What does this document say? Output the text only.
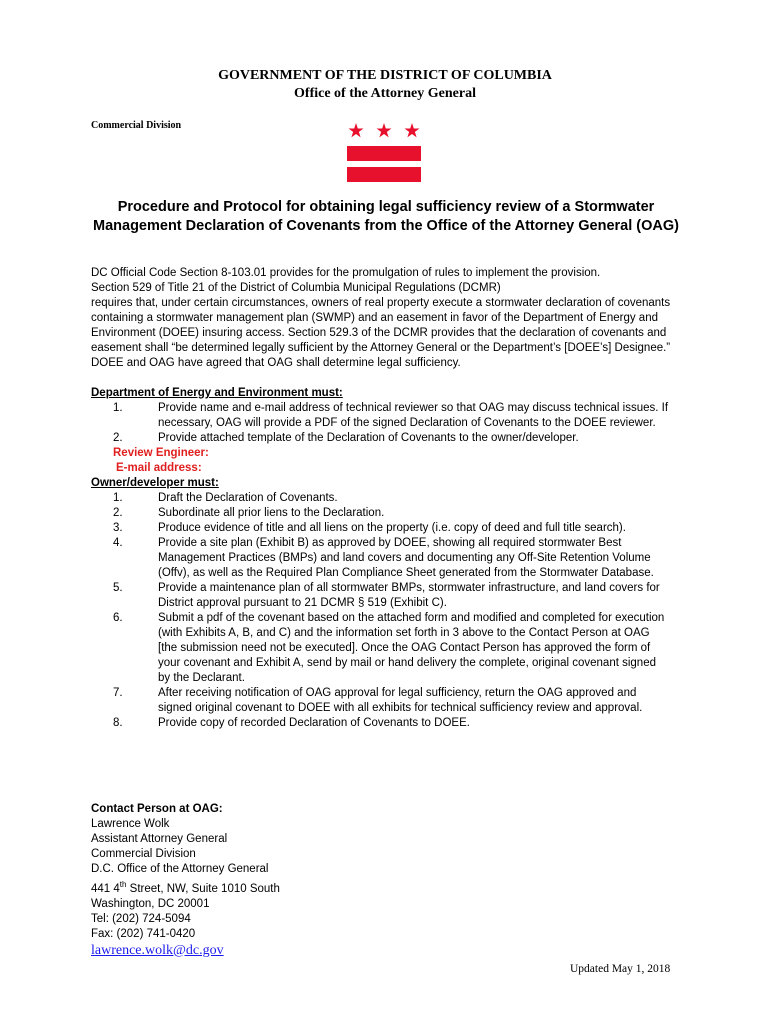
GOVERNMENT OF THE DISTRICT OF COLUMBIA
Office of the Attorney General
Commercial Division
Procedure and Protocol for obtaining legal sufficiency review of a Stormwater Management Declaration of Covenants from the Office of the Attorney General (OAG)

DC Official Code Section 8-103.01 provides for the promulgation of rules to implement the provision.

Section 529 of Title 21 of the District of Columbia Municipal Regulations (DCMR)

requires that, under certain circumstances, owners of real property execute a stormwater declaration of covenants containing a stormwater management plan (SWMP) and an easement in favor of the Department of Energy and Environment (DOEE) insuring access. Section 529.3 of the DCMR provides that the declaration of covenants and easement shall “be determined legally sufficient by the Attorney General or the Department’s [DOEE’s] Designee.”

DOEE and OAG have agreed that OAG shall determine legal sufficiency.

Department of Energy and Environment must:
1.	Provide name and e-mail address of technical reviewer so that OAG may discuss technical issues. If necessary, OAG will provide a PDF of the signed Declaration of Covenants to the DOEE reviewer.
2.	Provide attached template of the Declaration of Covenants to the owner/developer.
Review Engineer:
E-mail address:
Owner/developer must:
1.	Draft the Declaration of Covenants.
2.	Subordinate all prior liens to the Declaration.
3.	Produce evidence of title and all liens on the property (i.e. copy of deed and full title search).
4.	Provide a site plan (Exhibit B) as approved by DOEE, showing all required stormwater Best Management Practices (BMPs) and land covers and documenting any Off-Site Retention Volume (Offv), as well as the Required Plan Compliance Sheet generated from the Stormwater Database.
5.	Provide a maintenance plan of all stormwater BMPs, stormwater infrastructure, and land covers for District approval pursuant to 21 DCMR § 519 (Exhibit C).
6.	Submit a pdf of the covenant based on the attached form and modified and completed for execution (with Exhibits A, B, and C) and the information set forth in 3 above to the Contact Person at OAG [the submission need not be executed]. Once the OAG Contact Person has approved the form of your covenant and Exhibit A, send by mail or hand delivery the complete, original covenant signed by the Declarant.
7.	After receiving notification of OAG approval for legal sufficiency, return the OAG approved and signed original covenant to DOEE with all exhibits for technical sufficiency review and approval.
8.	Provide copy of recorded Declaration of Covenants to DOEE.
Contact Person at OAG:
Lawrence Wolk
Assistant Attorney General
Commercial Division
D.C. Office of the Attorney General
441 4th Street, NW, Suite 1010 South
Washington, DC 20001
Tel: (202) 724-5094
Fax: (202) 741-0420
lawrence.wolk@dc.gov
Updated May 1, 2018
